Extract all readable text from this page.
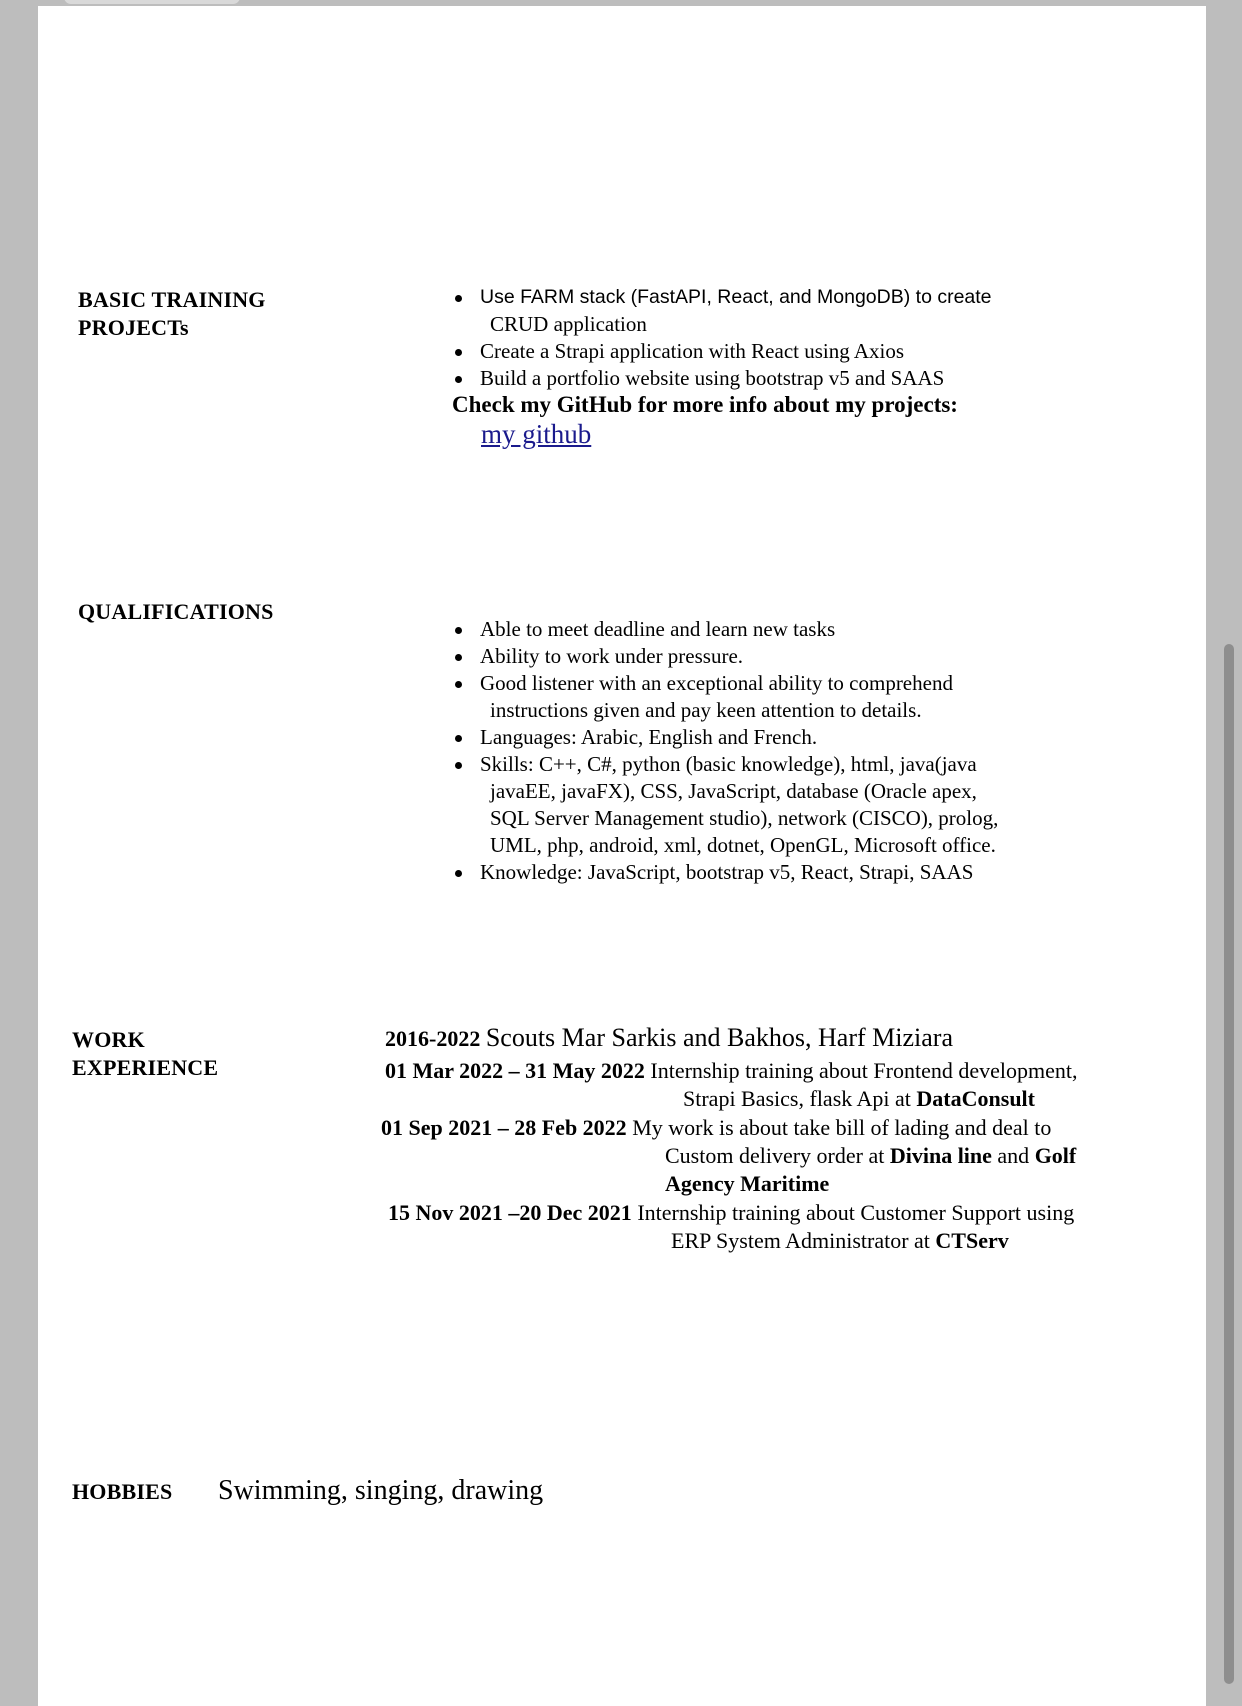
BASIC TRAINING
PROJECTs
Use FARM stack (FastAPI, React, and MongoDB) to create
CRUD application
Create a Strapi application with React using Axios
Build a portfolio website using bootstrap v5 and SAAS
Check my GitHub for more info about my projects:
my github
QUALIFICATIONS
Able to meet deadline and learn new tasks
Ability to work under pressure.
Good listener with an exceptional ability to comprehend
instructions given and pay keen attention to details.
Languages: Arabic, English and French.
Skills: C++, C#, python (basic knowledge), html, java(java
javaEE, javaFX), CSS, JavaScript, database (Oracle apex,
SQL Server Management studio), network (CISCO), prolog,
UML, php, android, xml, dotnet, OpenGL, Microsoft office.
Knowledge: JavaScript, bootstrap v5, React, Strapi, SAAS
WORK
EXPERIENCE
2016-2022 Scouts Mar Sarkis and Bakhos, Harf Miziara
01 Mar 2022 – 31 May 2022 Internship training about Frontend development,
Strapi Basics, flask Api at DataConsult
01 Sep 2021 – 28 Feb 2022 My work is about take bill of lading and deal to
Custom delivery order at Divina line and Golf
Agency Maritime
15 Nov 2021 –20 Dec 2021 Internship training about Customer Support using
ERP System Administrator at CTServ
HOBBIES Swimming, singing, drawing
